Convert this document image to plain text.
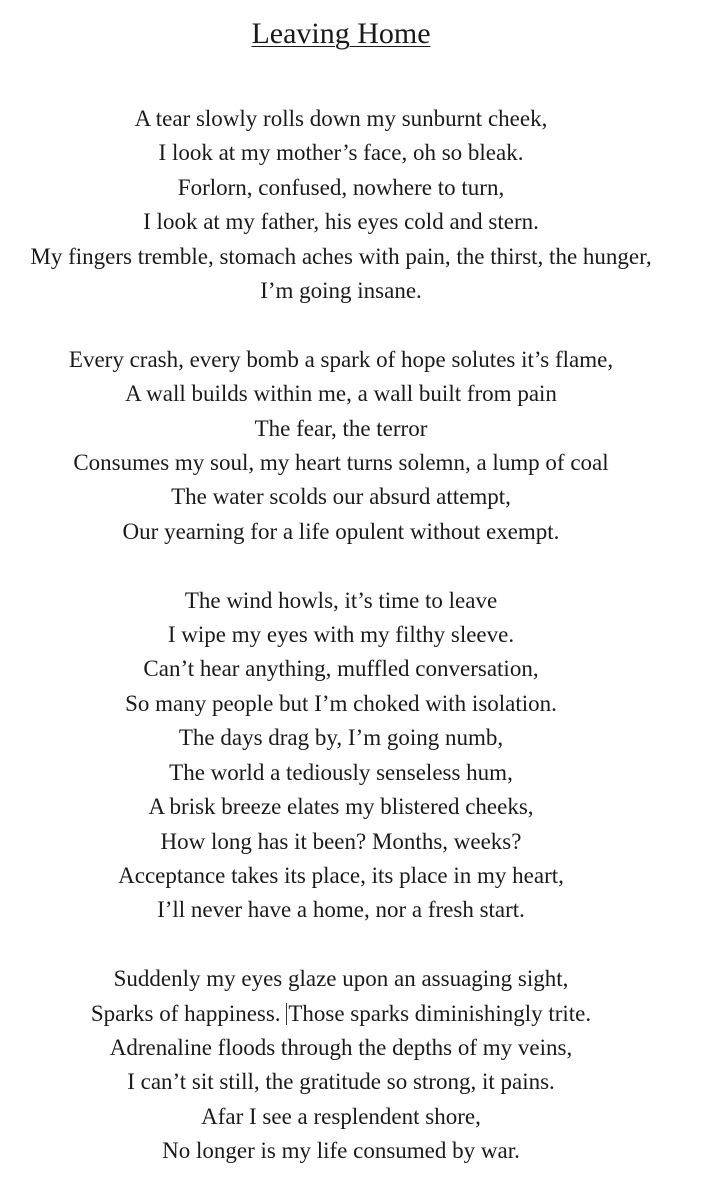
Leaving Home
A tear slowly rolls down my sunburnt cheek,
I look at my mother’s face, oh so bleak.
Forlorn, confused, nowhere to turn,
I look at my father, his eyes cold and stern.
My fingers tremble, stomach aches with pain, the thirst, the hunger,
I’m going insane.
Every crash, every bomb a spark of hope solutes it’s flame,
A wall builds within me, a wall built from pain
The fear, the terror
Consumes my soul, my heart turns solemn, a lump of coal
The water scolds our absurd attempt,
Our yearning for a life opulent without exempt.
The wind howls, it’s time to leave
I wipe my eyes with my filthy sleeve.
Can’t hear anything, muffled conversation,
So many people but I’m choked with isolation.
The days drag by, I’m going numb,
The world a tediously senseless hum,
A brisk breeze elates my blistered cheeks,
How long has it been? Months, weeks?
Acceptance takes its place, its place in my heart,
I’ll never have a home, nor a fresh start.
Suddenly my eyes glaze upon an assuaging sight,
Sparks of happiness. Those sparks diminishingly trite.
Adrenaline floods through the depths of my veins,
I can’t sit still, the gratitude so strong, it pains.
Afar I see a resplendent shore,
No longer is my life consumed by war.
